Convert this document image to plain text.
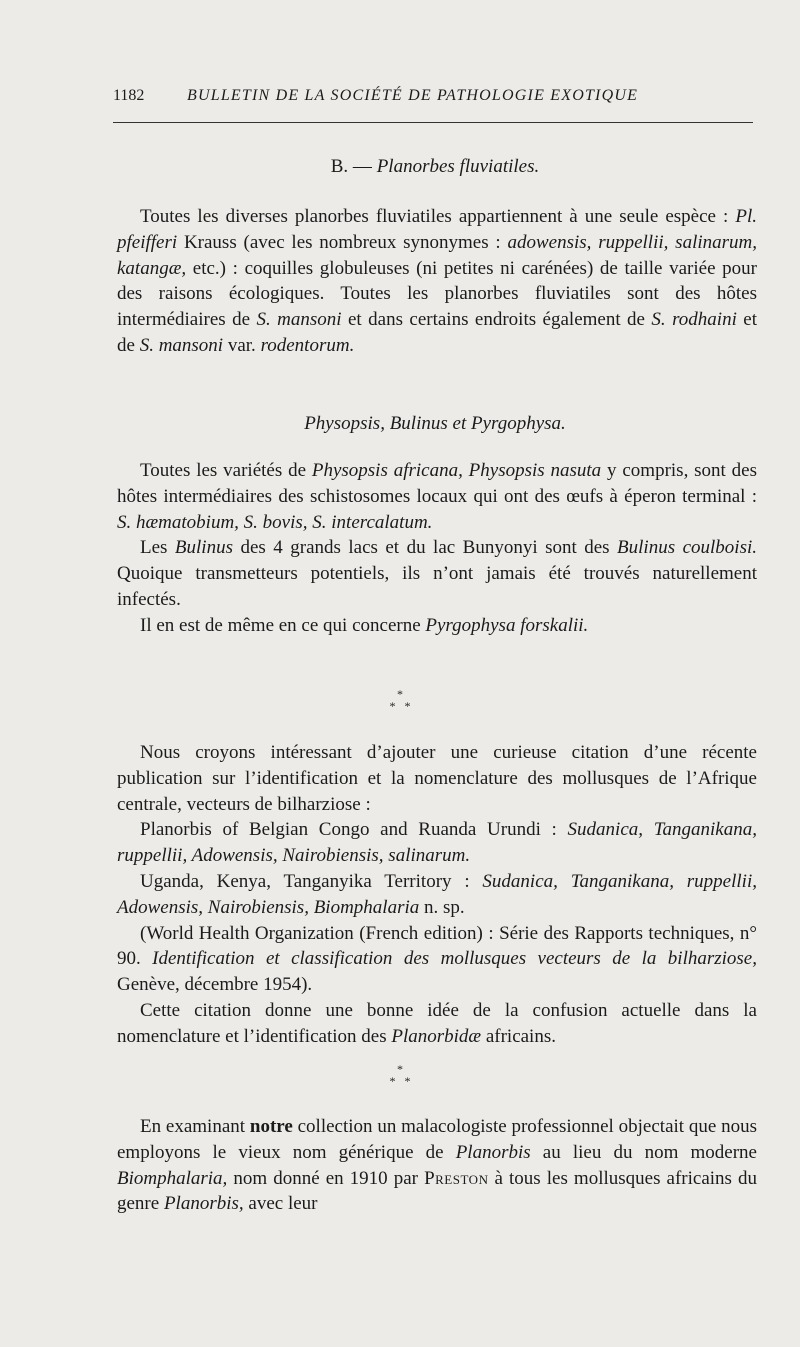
1182	BULLETIN DE LA SOCIÉTÉ DE PATHOLOGIE EXOTIQUE
B. — Planorbes fluviatiles.

Toutes les diverses planorbes fluviatiles appartiennent à une seule espèce : Pl. pfeifferi Krauss (avec les nombreux synonymes : adowensis, ruppellii, salinarum, katangæ, etc.) : coquilles globuleuses (ni petites ni carénées) de taille variée pour des raisons écologiques. Toutes les planorbes fluviatiles sont des hôtes intermédiaires de S. mansoni et dans certains endroits également de S. rodhaini et de S. mansoni var. rodentorum.

Physopsis, Bulinus et Pyrgophysa.

Toutes les variétés de Physopsis africana, Physopsis nasuta y compris, sont des hôtes intermédiaires des schistosomes locaux qui ont des œufs à éperon terminal : S. hæmatobium, S. bovis, S. intercalatum.

Les Bulinus des 4 grands lacs et du lac Bunyonyi sont des Bulinus coulboisi. Quoique transmetteurs potentiels, ils n’ont jamais été trouvés naturellement infectés.

Il en est de même en ce qui concerne Pyrgophysa forskalii.

*
* *

Nous croyons intéressant d’ajouter une curieuse citation d’une récente publication sur l’identification et la nomenclature des mollusques de l’Afrique centrale, vecteurs de bilharziose :

Planorbis of Belgian Congo and Ruanda Urundi : Sudanica, Tanganikana, ruppellii, Adowensis, Nairobiensis, salinarum.

Uganda, Kenya, Tanganyika Territory : Sudanica, Tanganikana, ruppellii, Adowensis, Nairobiensis, Biomphalaria n. sp.

(World Health Organization (French edition) : Série des Rapports techniques, n° 90. Identification et classification des mollusques vecteurs de la bilharziose, Genève, décembre 1954).

Cette citation donne une bonne idée de la confusion actuelle dans la nomenclature et l’identification des Planorbidæ africains.

*
* *

En examinant notre collection un malacologiste professionnel objectait que nous employons le vieux nom générique de Planorbis au lieu du nom moderne Biomphalaria, nom donné en 1910 par Preston à tous les mollusques africains du genre Planorbis, avec leur
